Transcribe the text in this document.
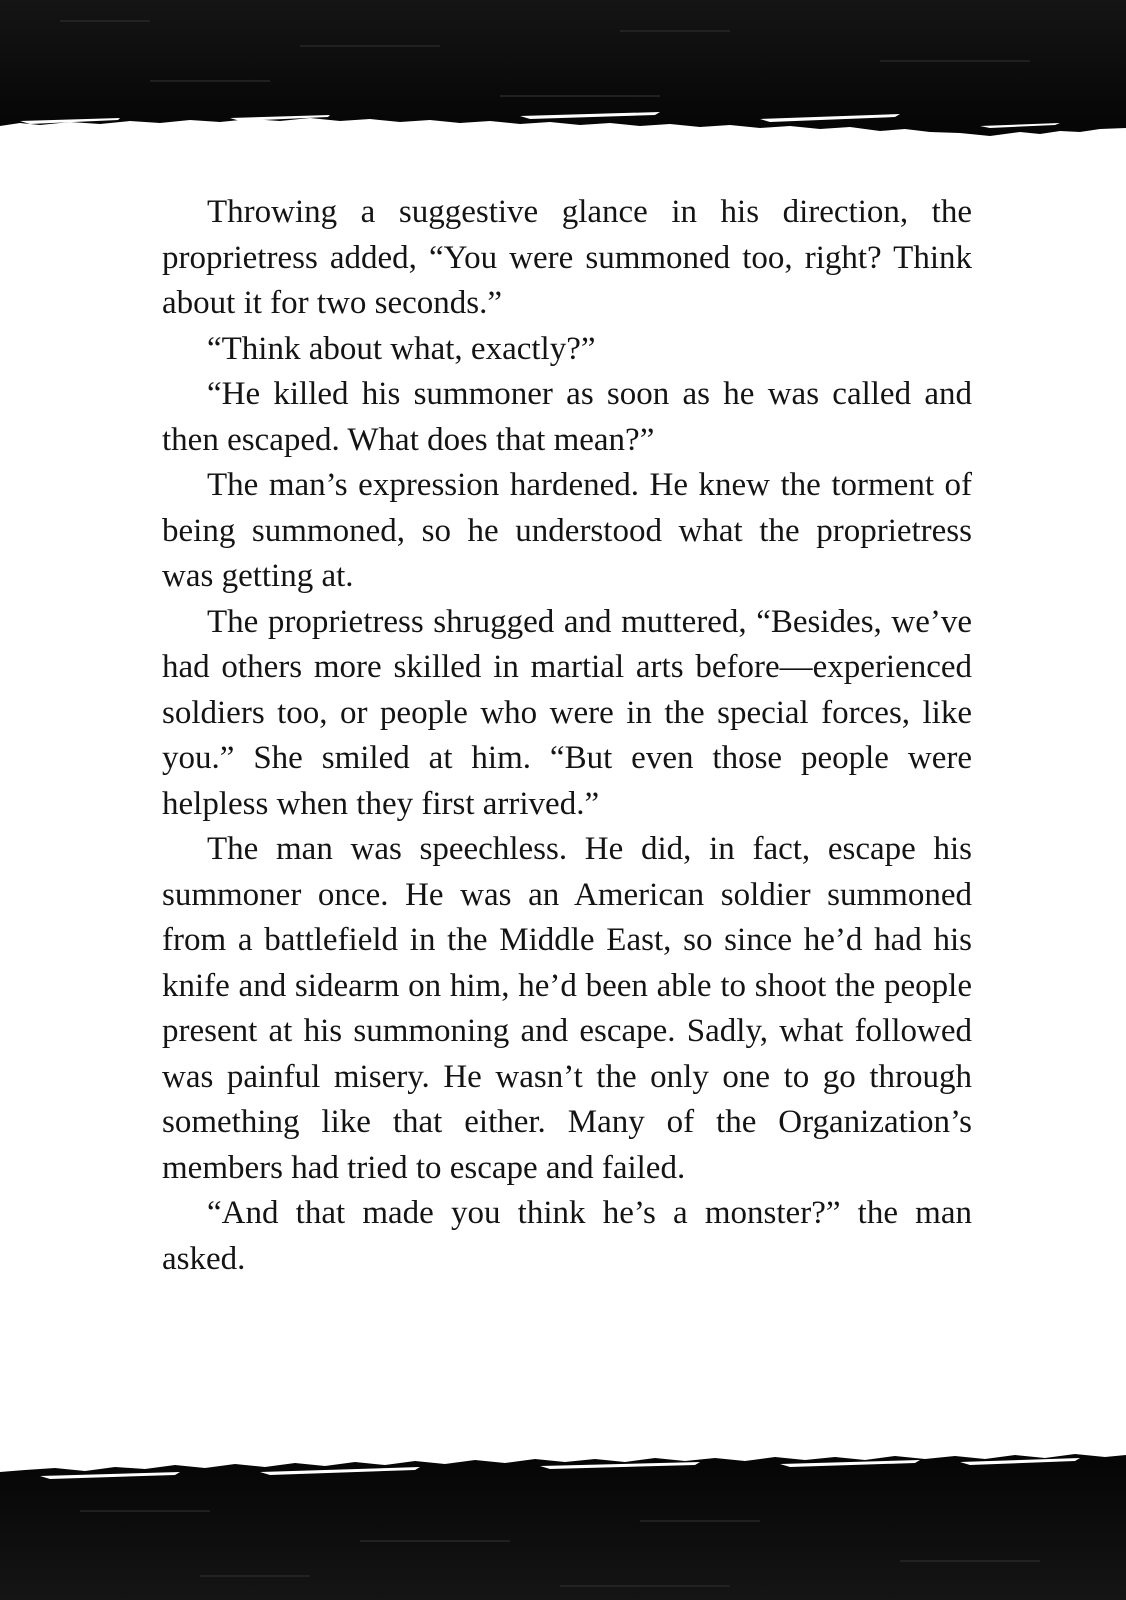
Throwing a suggestive glance in his direction, the proprietress added, “You were summoned too, right? Think about it for two seconds.”

“Think about what, exactly?”

“He killed his summoner as soon as he was called and then escaped. What does that mean?”

The man’s expression hardened. He knew the torment of being summoned, so he understood what the proprietress was getting at.

The proprietress shrugged and muttered, “Besides, we’ve had others more skilled in martial arts before—experienced soldiers too, or people who were in the special forces, like you.” She smiled at him. “But even those people were helpless when they first arrived.”

The man was speechless. He did, in fact, escape his summoner once. He was an American soldier summoned from a battlefield in the Middle East, so since he’d had his knife and sidearm on him, he’d been able to shoot the people present at his summoning and escape. Sadly, what followed was painful misery. He wasn’t the only one to go through something like that either. Many of the Organization’s members had tried to escape and failed.

“And that made you think he’s a monster?” the man asked.
